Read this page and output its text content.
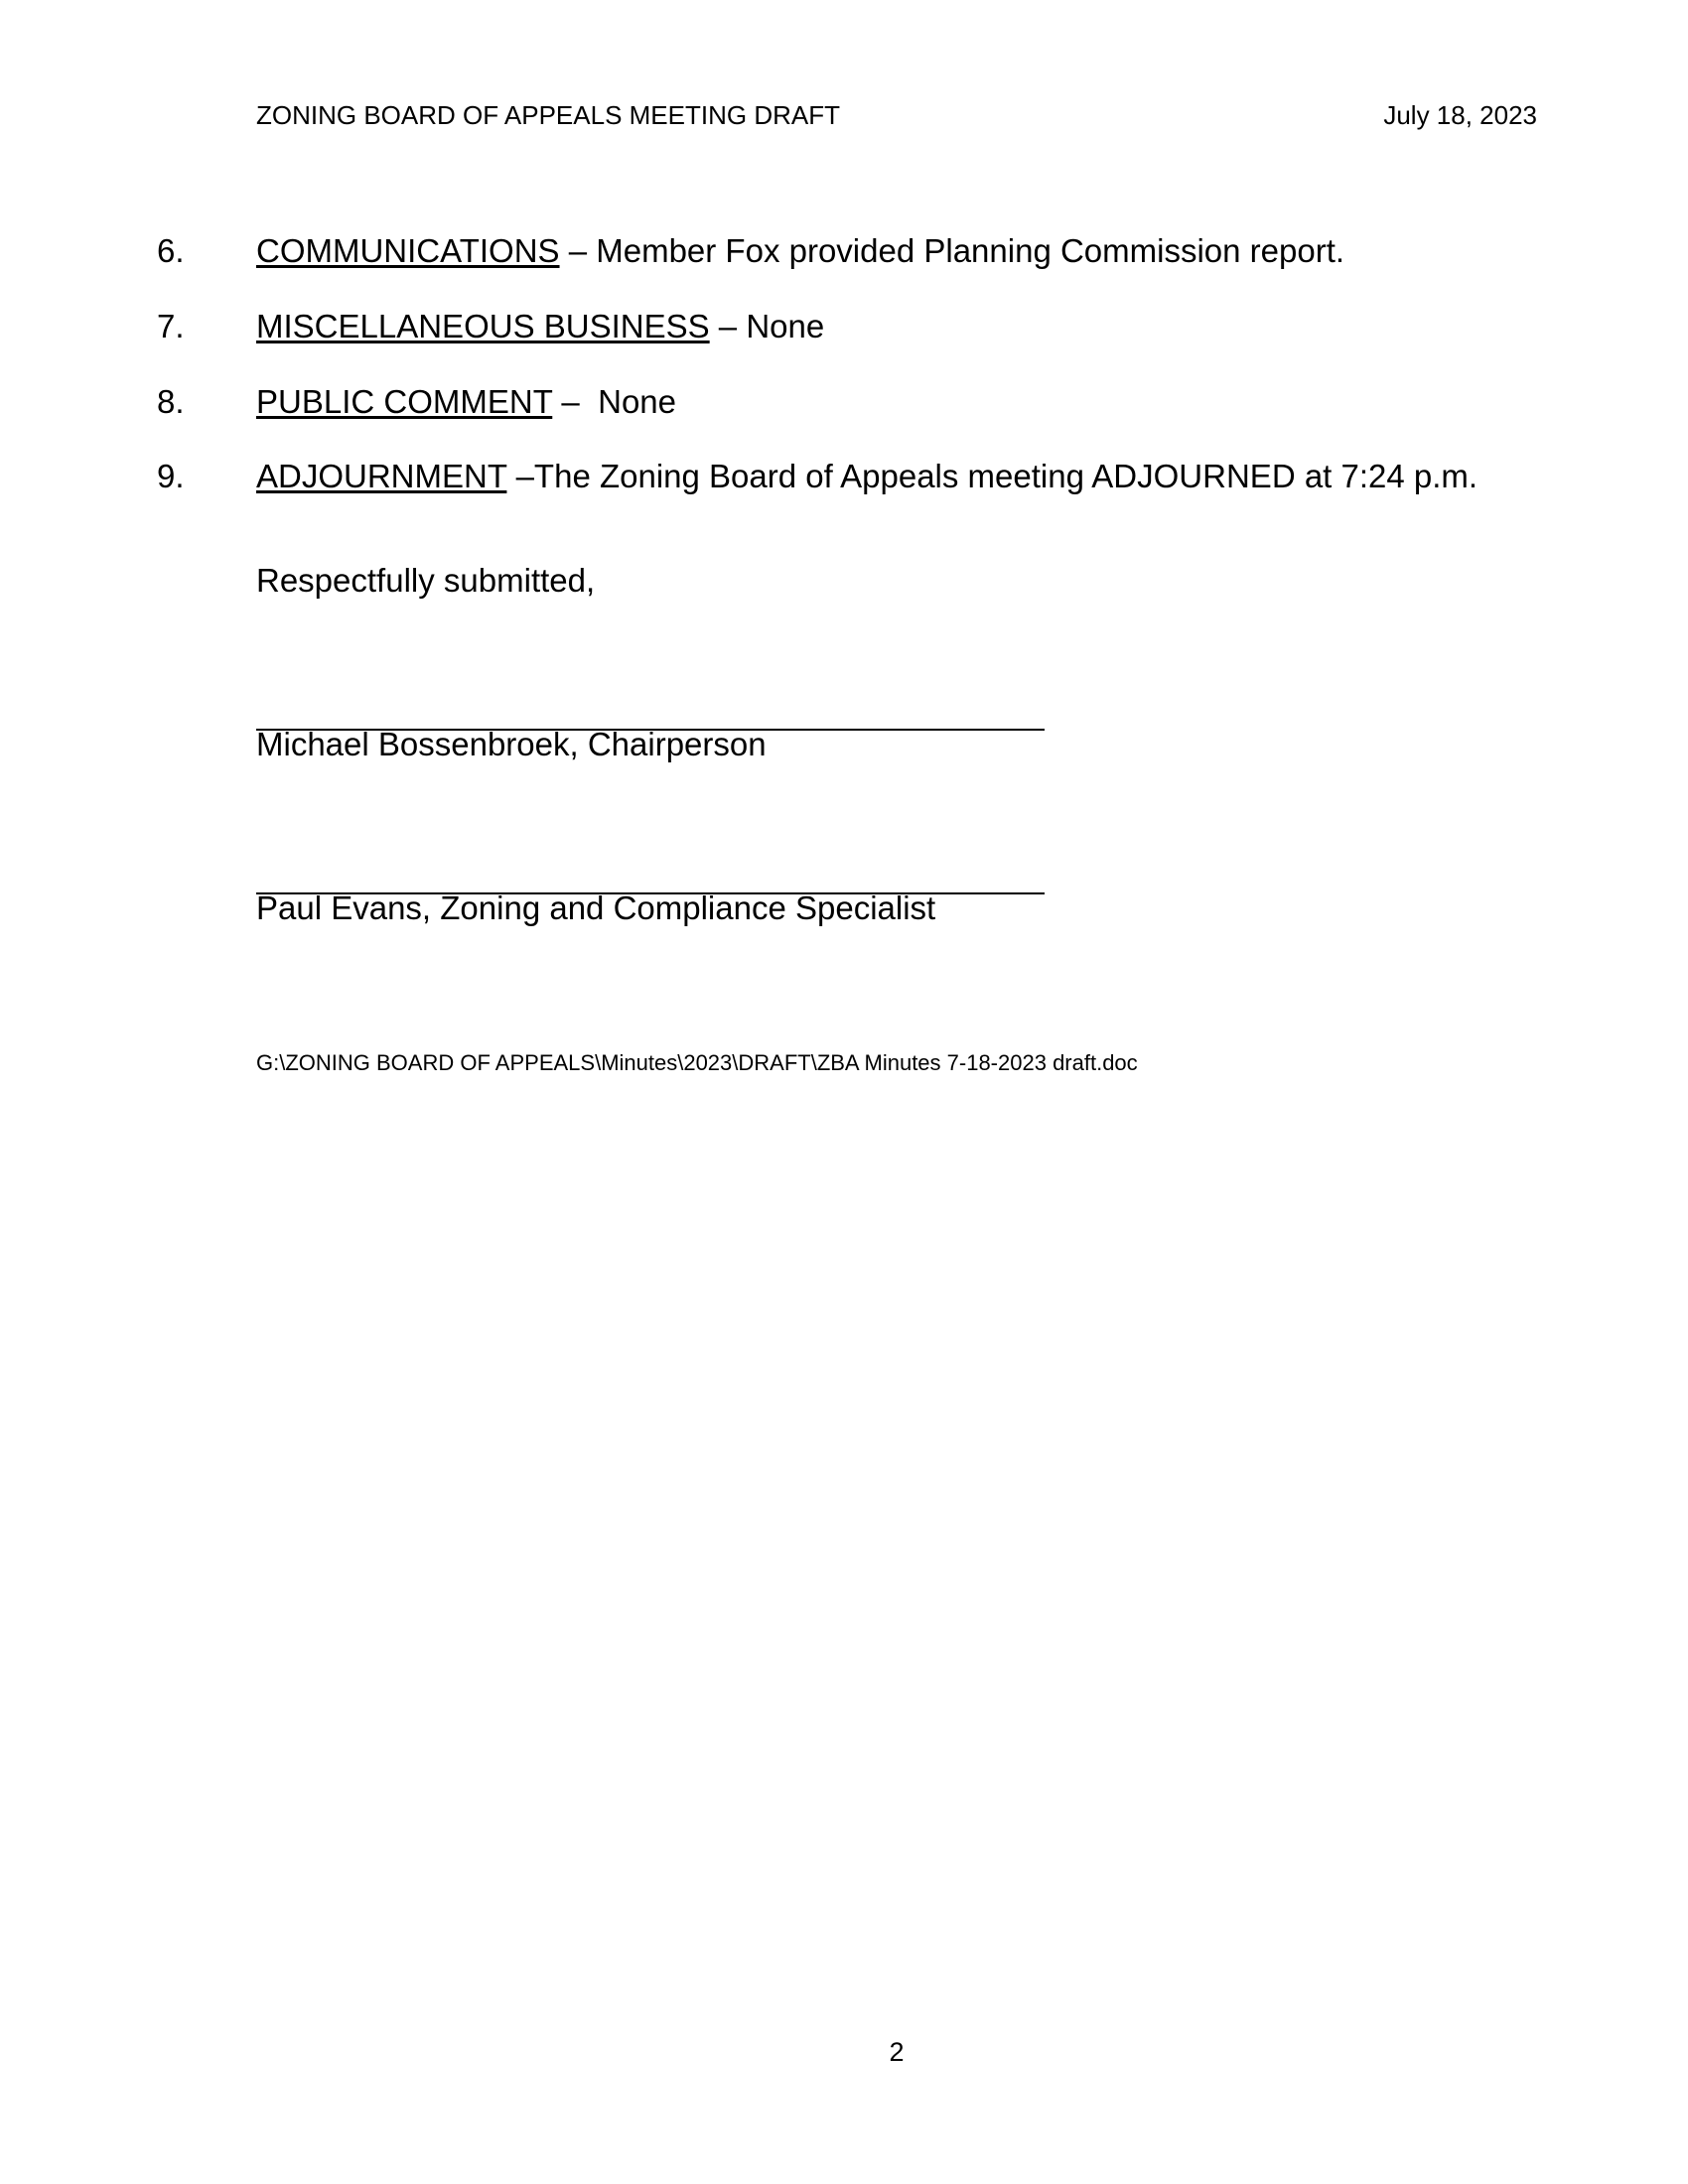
ZONING BOARD OF APPEALS MEETING DRAFT	July 18, 2023
6. COMMUNICATIONS – Member Fox provided Planning Commission report.
7. MISCELLANEOUS BUSINESS – None
8. PUBLIC COMMENT –  None
9. ADJOURNMENT –The Zoning Board of Appeals meeting ADJOURNED at 7:24 p.m.
Respectfully submitted,
Michael Bossenbroek, Chairperson
Paul Evans, Zoning and Compliance Specialist
G:\ZONING BOARD OF APPEALS\Minutes\2023\DRAFT\ZBA Minutes 7-18-2023 draft.doc
2
